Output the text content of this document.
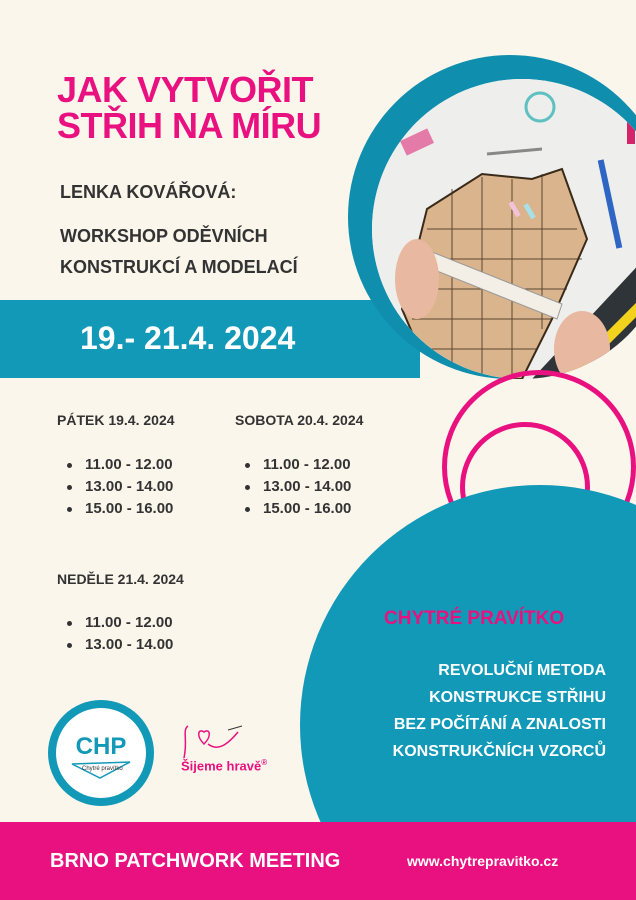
JAK VYTVOŘIT
STŘIH NA MÍRU
LENKA KOVÁŘOVÁ:
WORKSHOP ODĚVNÍCH
KONSTRUKCÍ A MODELACÍ
19.- 21.4. 2024
PÁTEK 19.4. 2024
11.00 - 12.00
13.00 - 14.00
15.00 - 16.00
SOBOTA 20.4. 2024
11.00 - 12.00
13.00 - 14.00
15.00 - 16.00
NEDĚLE 21.4. 2024
11.00 - 12.00
13.00 - 14.00
CHYTRÉ PRAVÍTKO
REVOLUČNÍ METODA
KONSTRUKCE STŘIHU
BEZ POČÍTÁNÍ A ZNALOSTI
KONSTRUKČNÍCH VZORCŮ
CHP
Chytré pravítko	Šijeme hravě®
BRNO PATCHWORK MEETING	www.chytrepravitko.cz
